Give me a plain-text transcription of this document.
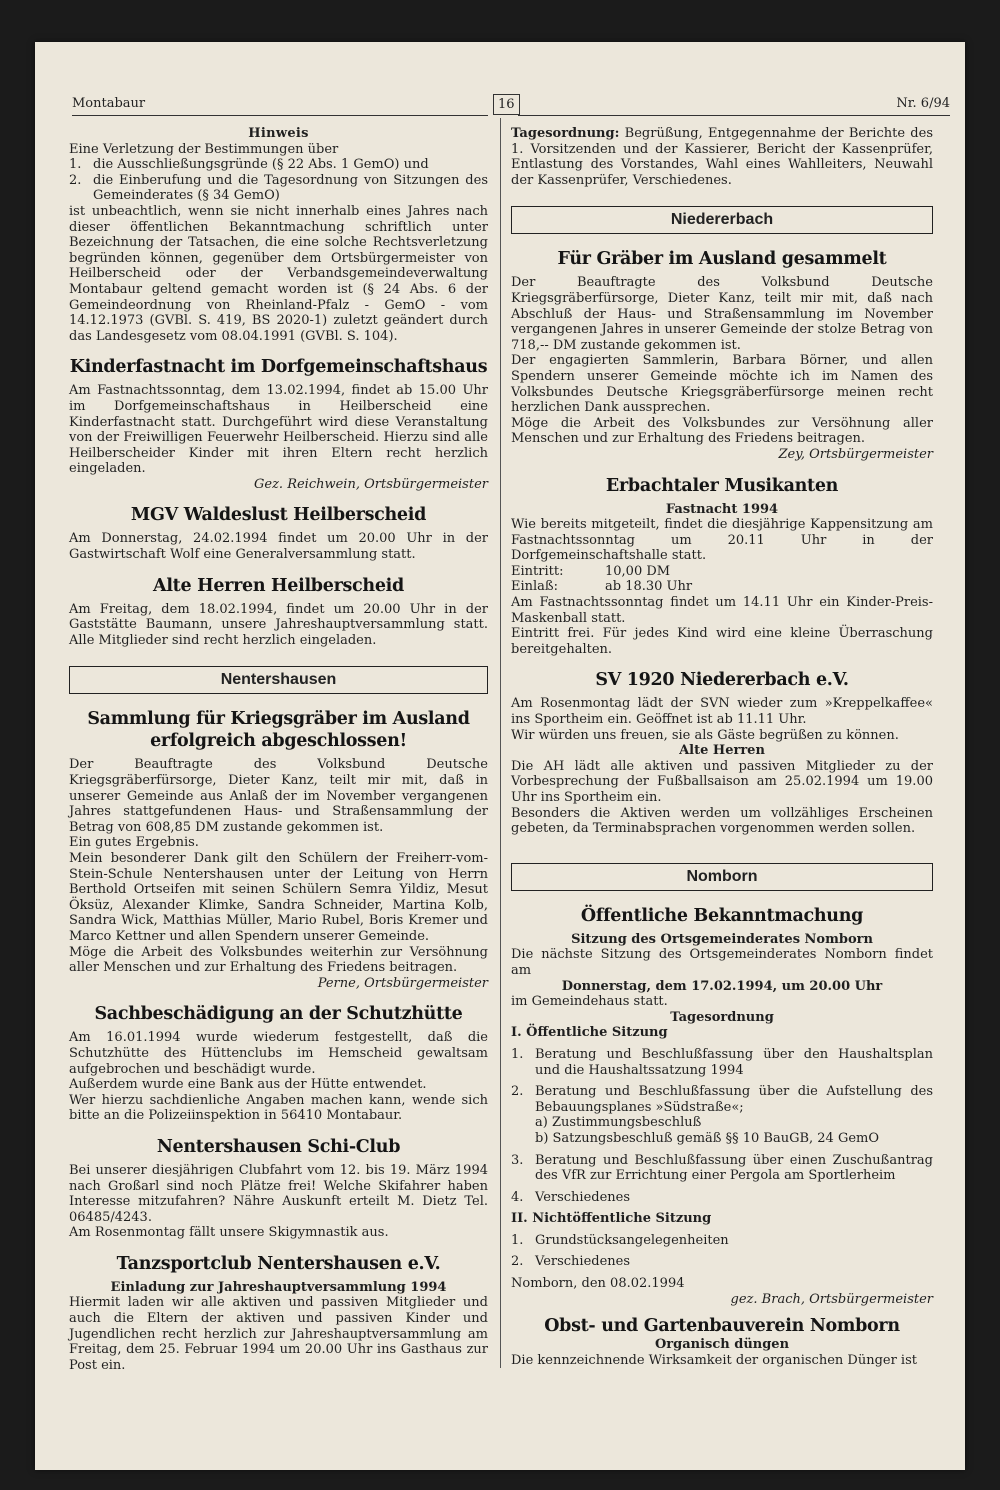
Montabaur	16	Nr. 6/94

Hinweis

Eine Verletzung der Bestimmungen über

1. die Ausschließungsgründe (§ 22 Abs. 1 GemO) und
2. die Einberufung und die Tagesordnung von Sitzungen des Gemeinderates (§ 34 GemO)

ist unbeachtlich, wenn sie nicht innerhalb eines Jahres nach dieser öffentlichen Bekanntmachung schriftlich unter Bezeichnung der Tatsachen, die eine solche Rechtsverletzung begründen können, gegenüber dem Ortsbürgermeister von Heilberscheid oder der Verbandsgemeindeverwaltung Montabaur geltend gemacht worden ist (§ 24 Abs. 6 der Gemeindeordnung von Rheinland-Pfalz - GemO - vom 14.12.1973 (GVBl. S. 419, BS 2020-1) zuletzt geändert durch das Landesgesetz vom 08.04.1991 (GVBl. S. 104).

Kinderfastnacht im Dorfgemeinschaftshaus

Am Fastnachtssonntag, dem 13.02.1994, findet ab 15.00 Uhr im Dorfgemeinschaftshaus in Heilberscheid eine Kinderfastnacht statt. Durchgeführt wird diese Veranstaltung von der Freiwilligen Feuerwehr Heilberscheid. Hierzu sind alle Heilberscheider Kinder mit ihren Eltern recht herzlich eingeladen.

Gez. Reichwein, Ortsbürgermeister

MGV Waldeslust Heilberscheid

Am Donnerstag, 24.02.1994 findet um 20.00 Uhr in der Gastwirtschaft Wolf eine Generalversammlung statt.

Alte Herren Heilberscheid

Am Freitag, dem 18.02.1994, findet um 20.00 Uhr in der Gaststätte Baumann, unsere Jahreshauptversammlung statt. Alle Mitglieder sind recht herzlich eingeladen.

Nentershausen

Sammlung für Kriegsgräber im Ausland

erfolgreich abgeschlossen!

Der Beauftragte des Volksbund Deutsche Kriegsgräberfürsorge, Dieter Kanz, teilt mir mit, daß in unserer Gemeinde aus Anlaß der im November vergangenen Jahres stattgefundenen Haus- und Straßensammlung der Betrag von 608,85 DM zustande gekommen ist.

Ein gutes Ergebnis.

Mein besonderer Dank gilt den Schülern der Freiherr-vom-Stein-Schule Nentershausen unter der Leitung von Herrn Berthold Ortseifen mit seinen Schülern Semra Yildiz, Mesut Öksüz, Alexander Klimke, Sandra Schneider, Martina Kolb, Sandra Wick, Matthias Müller, Mario Rubel, Boris Kremer und Marco Kettner und allen Spendern unserer Gemeinde.

Möge die Arbeit des Volksbundes weiterhin zur Versöhnung aller Menschen und zur Erhaltung des Friedens beitragen.

Perne, Ortsbürgermeister

Sachbeschädigung an der Schutzhütte

Am 16.01.1994 wurde wiederum festgestellt, daß die Schutzhütte des Hüttenclubs im Hemscheid gewaltsam aufgebrochen und beschädigt wurde.

Außerdem wurde eine Bank aus der Hütte entwendet.

Wer hierzu sachdienliche Angaben machen kann, wende sich bitte an die Polizeiinspektion in 56410 Montabaur.

Nentershausen Schi-Club

Bei unserer diesjährigen Clubfahrt vom 12. bis 19. März 1994 nach Großarl sind noch Plätze frei! Welche Skifahrer haben Interesse mitzufahren? Nähre Auskunft erteilt M. Dietz Tel. 06485/4243.

Am Rosenmontag fällt unsere Skigymnastik aus.

Tanzsportclub Nentershausen e.V.

Einladung zur Jahreshauptversammlung 1994

Hiermit laden wir alle aktiven und passiven Mitglieder und auch die Eltern der aktiven und passiven Kinder und Jugendlichen recht herzlich zur Jahreshauptversammlung am Freitag, dem 25. Februar 1994 um 20.00 Uhr ins Gasthaus zur Post ein.

Tagesordnung: Begrüßung, Entgegennahme der Berichte des 1. Vorsitzenden und der Kassierer, Bericht der Kassenprüfer, Entlastung des Vorstandes, Wahl eines Wahlleiters, Neuwahl der Kassenprüfer, Verschiedenes.

Niedererbach

Für Gräber im Ausland gesammelt

Der Beauftragte des Volksbund Deutsche Kriegsgräberfürsorge, Dieter Kanz, teilt mir mit, daß nach Abschluß der Haus- und Straßensammlung im November vergangenen Jahres in unserer Gemeinde der stolze Betrag von 718,-- DM zustande gekommen ist.

Der engagierten Sammlerin, Barbara Börner, und allen Spendern unserer Gemeinde möchte ich im Namen des Volksbundes Deutsche Kriegsgräberfürsorge meinen recht herzlichen Dank aussprechen.

Möge die Arbeit des Volksbundes zur Versöhnung aller Menschen und zur Erhaltung des Friedens beitragen.

Zey, Ortsbürgermeister

Erbachtaler Musikanten

Fastnacht 1994

Wie bereits mitgeteilt, findet die diesjährige Kappensitzung am Fastnachtssonntag um 20.11 Uhr in der Dorfgemeinschaftshalle statt.

Eintritt:	10,00 DM
Einlaß:	ab 18.30 Uhr

Am Fastnachtssonntag findet um 14.11 Uhr ein Kinder-Preis-Maskenball statt.

Eintritt frei. Für jedes Kind wird eine kleine Überraschung bereitgehalten.

SV 1920 Niedererbach e.V.

Am Rosenmontag lädt der SVN wieder zum »Kreppelkaffee« ins Sportheim ein. Geöffnet ist ab 11.11 Uhr.

Wir würden uns freuen, sie als Gäste begrüßen zu können.

Alte Herren

Die AH lädt alle aktiven und passiven Mitglieder zu der Vorbesprechung der Fußballsaison am 25.02.1994 um 19.00 Uhr ins Sportheim ein.

Besonders die Aktiven werden um vollzähliges Erscheinen gebeten, da Terminabsprachen vorgenommen werden sollen.

Nomborn

Öffentliche Bekanntmachung

Sitzung des Ortsgemeinderates Nomborn

Die nächste Sitzung des Ortsgemeinderates Nomborn findet am

Donnerstag, dem 17.02.1994, um 20.00 Uhr

im Gemeindehaus statt.

Tagesordnung

I. Öffentliche Sitzung

1. Beratung und Beschlußfassung über den Haushaltsplan und die Haushaltssatzung 1994
2. Beratung und Beschlußfassung über die Aufstellung des Bebauungsplanes »Südstraße«;
a) Zustimmungsbeschluß
b) Satzungsbeschluß gemäß §§ 10 BauGB, 24 GemO
3. Beratung und Beschlußfassung über einen Zuschußantrag des VfR zur Errichtung einer Pergola am Sportlerheim
4. Verschiedenes

II. Nichtöffentliche Sitzung

1. Grundstücksangelegenheiten
2. Verschiedenes

Nomborn, den 08.02.1994

gez. Brach, Ortsbürgermeister

Obst- und Gartenbauverein Nomborn

Organisch düngen

Die kennzeichnende Wirksamkeit der organischen Dünger ist
